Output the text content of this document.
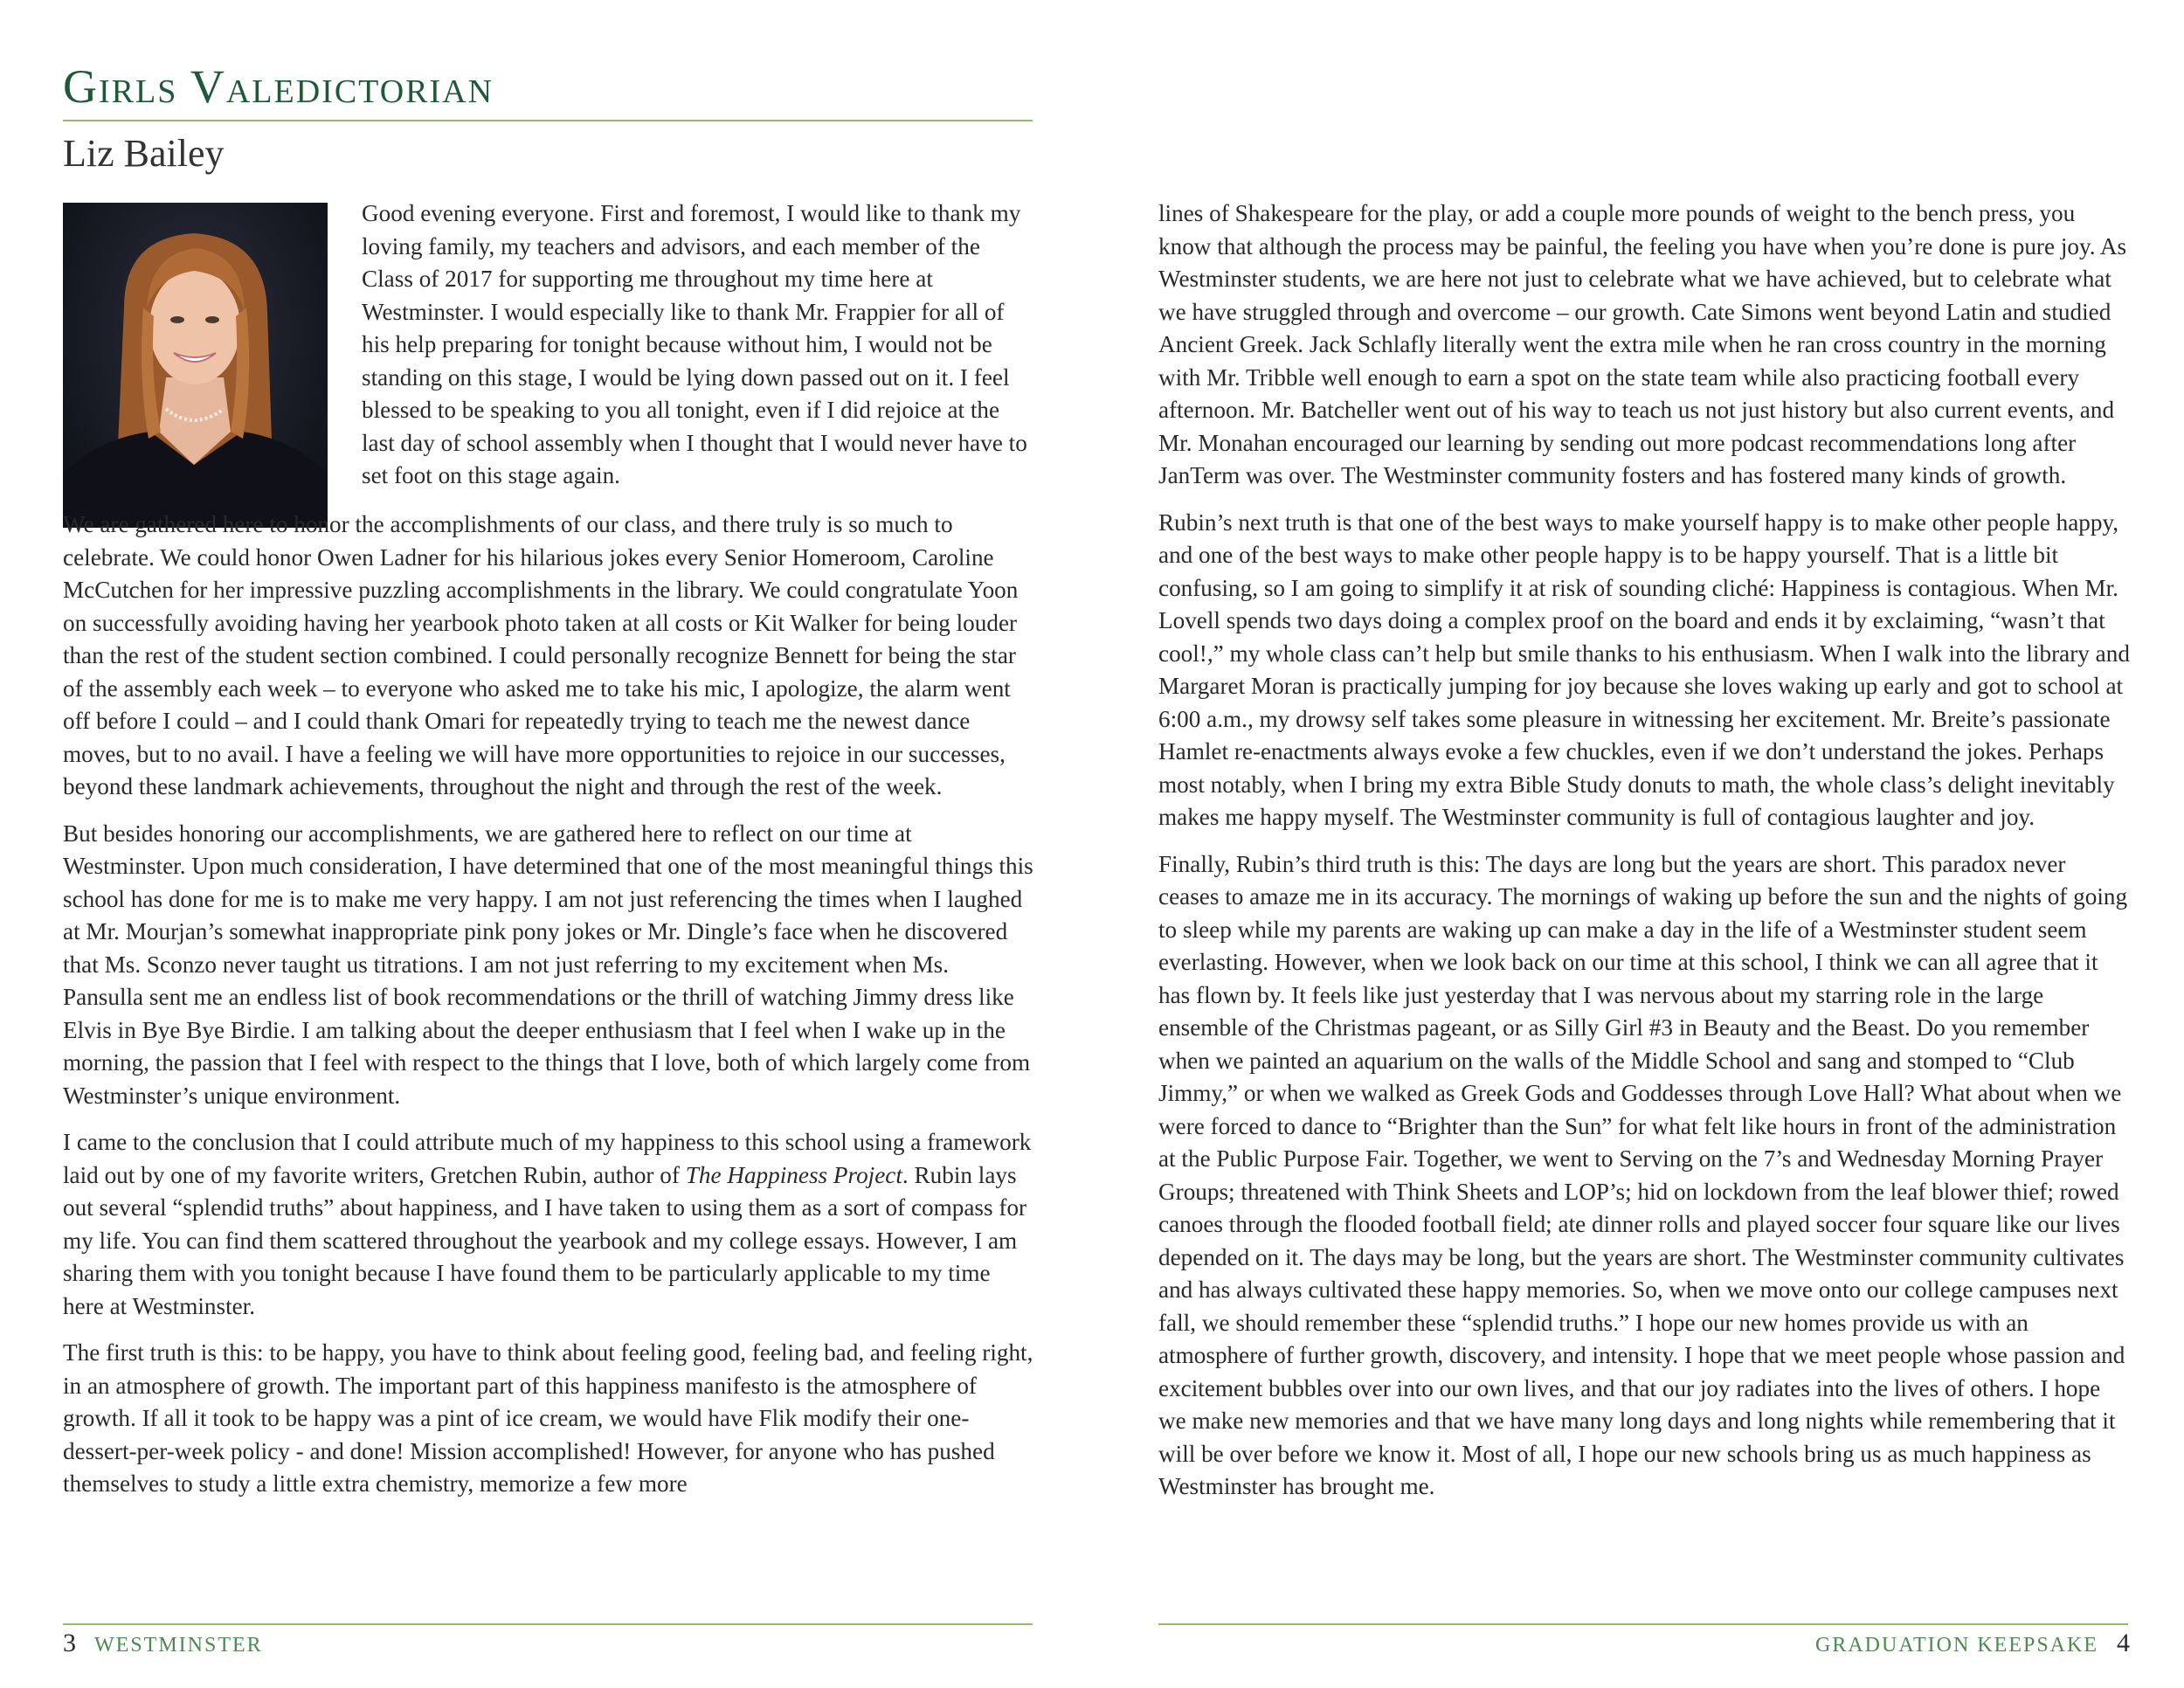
Girls Valedictorian
Liz Bailey

Good evening everyone. First and foremost, I would like to thank my loving family, my teachers and advisors, and each member of the Class of 2017 for supporting me throughout my time here at Westminster. I would especially like to thank Mr. Frappier for all of his help preparing for tonight because without him, I would not be standing on this stage, I would be lying down passed out on it. I feel blessed to be speaking to you all tonight, even if I did rejoice at the last day of school assembly when I thought that I would never have to set foot on this stage again.

We are gathered here to honor the accomplishments of our class, and there truly is so much to celebrate. We could honor Owen Ladner for his hilarious jokes every Senior Homeroom, Caroline McCutchen for her impressive puzzling accomplishments in the library. We could congratulate Yoon on successfully avoiding having her yearbook photo taken at all costs or Kit Walker for being louder than the rest of the student section combined. I could personally recognize Bennett for being the star of the assembly each week – to everyone who asked me to take his mic, I apologize, the alarm went off before I could – and I could thank Omari for repeatedly trying to teach me the newest dance moves, but to no avail. I have a feeling we will have more opportunities to rejoice in our successes, beyond these landmark achievements, throughout the night and through the rest of the week.

But besides honoring our accomplishments, we are gathered here to reflect on our time at Westminster. Upon much consideration, I have determined that one of the most meaningful things this school has done for me is to make me very happy. I am not just referencing the times when I laughed at Mr. Mourjan’s somewhat inappropriate pink pony jokes or Mr. Dingle’s face when he discovered that Ms. Sconzo never taught us titrations. I am not just referring to my excitement when Ms. Pansulla sent me an endless list of book recommendations or the thrill of watching Jimmy dress like Elvis in Bye Bye Birdie. I am talking about the deeper enthusiasm that I feel when I wake up in the morning, the passion that I feel with respect to the things that I love, both of which largely come from Westminster’s unique environment.

I came to the conclusion that I could attribute much of my happiness to this school using a framework laid out by one of my favorite writers, Gretchen Rubin, author of The Happiness Project. Rubin lays out several “splendid truths” about happiness, and I have taken to using them as a sort of compass for my life. You can find them scattered throughout the yearbook and my college essays. However, I am sharing them with you tonight because I have found them to be particularly applicable to my time here at Westminster.

The first truth is this: to be happy, you have to think about feeling good, feeling bad, and feeling right, in an atmosphere of growth. The important part of this happiness manifesto is the atmosphere of growth. If all it took to be happy was a pint of ice cream, we would have Flik modify their one-dessert-per-week policy - and done! Mission accomplished! However, for anyone who has pushed themselves to study a little extra chemistry, memorize a few more

lines of Shakespeare for the play, or add a couple more pounds of weight to the bench press, you know that although the process may be painful, the feeling you have when you’re done is pure joy. As Westminster students, we are here not just to celebrate what we have achieved, but to celebrate what we have struggled through and overcome – our growth. Cate Simons went beyond Latin and studied Ancient Greek. Jack Schlafly literally went the extra mile when he ran cross country in the morning with Mr. Tribble well enough to earn a spot on the state team while also practicing football every afternoon. Mr. Batcheller went out of his way to teach us not just history but also current events, and Mr. Monahan encouraged our learning by sending out more podcast recommendations long after JanTerm was over. The Westminster community fosters and has fostered many kinds of growth.

Rubin’s next truth is that one of the best ways to make yourself happy is to make other people happy, and one of the best ways to make other people happy is to be happy yourself. That is a little bit confusing, so I am going to simplify it at risk of sounding cliché: Happiness is contagious. When Mr. Lovell spends two days doing a complex proof on the board and ends it by exclaiming, “wasn’t that cool!,” my whole class can’t help but smile thanks to his enthusiasm. When I walk into the library and Margaret Moran is practically jumping for joy because she loves waking up early and got to school at 6:00 a.m., my drowsy self takes some pleasure in witnessing her excitement. Mr. Breite’s passionate Hamlet re-enactments always evoke a few chuckles, even if we don’t understand the jokes. Perhaps most notably, when I bring my extra Bible Study donuts to math, the whole class’s delight inevitably makes me happy myself. The Westminster community is full of contagious laughter and joy.

Finally, Rubin’s third truth is this: The days are long but the years are short. This paradox never ceases to amaze me in its accuracy. The mornings of waking up before the sun and the nights of going to sleep while my parents are waking up can make a day in the life of a Westminster student seem everlasting. However, when we look back on our time at this school, I think we can all agree that it has flown by. It feels like just yesterday that I was nervous about my starring role in the large ensemble of the Christmas pageant, or as Silly Girl #3 in Beauty and the Beast. Do you remember when we painted an aquarium on the walls of the Middle School and sang and stomped to “Club Jimmy,” or when we walked as Greek Gods and Goddesses through Love Hall? What about when we were forced to dance to “Brighter than the Sun” for what felt like hours in front of the administration at the Public Purpose Fair. Together, we went to Serving on the 7’s and Wednesday Morning Prayer Groups; threatened with Think Sheets and LOP’s; hid on lockdown from the leaf blower thief; rowed canoes through the flooded football field; ate dinner rolls and played soccer four square like our lives depended on it. The days may be long, but the years are short. The Westminster community cultivates and has always cultivated these happy memories. So, when we move onto our college campuses next fall, we should remember these “splendid truths.” I hope our new homes provide us with an atmosphere of further growth, discovery, and intensity. I hope that we meet people whose passion and excitement bubbles over into our own lives, and that our joy radiates into the lives of others. I hope we make new memories and that we have many long days and long nights while remembering that it will be over before we know it. Most of all, I hope our new schools bring us as much happiness as Westminster has brought me.

3 WESTMINSTER	GRADUATION KEEPSAKE 4
